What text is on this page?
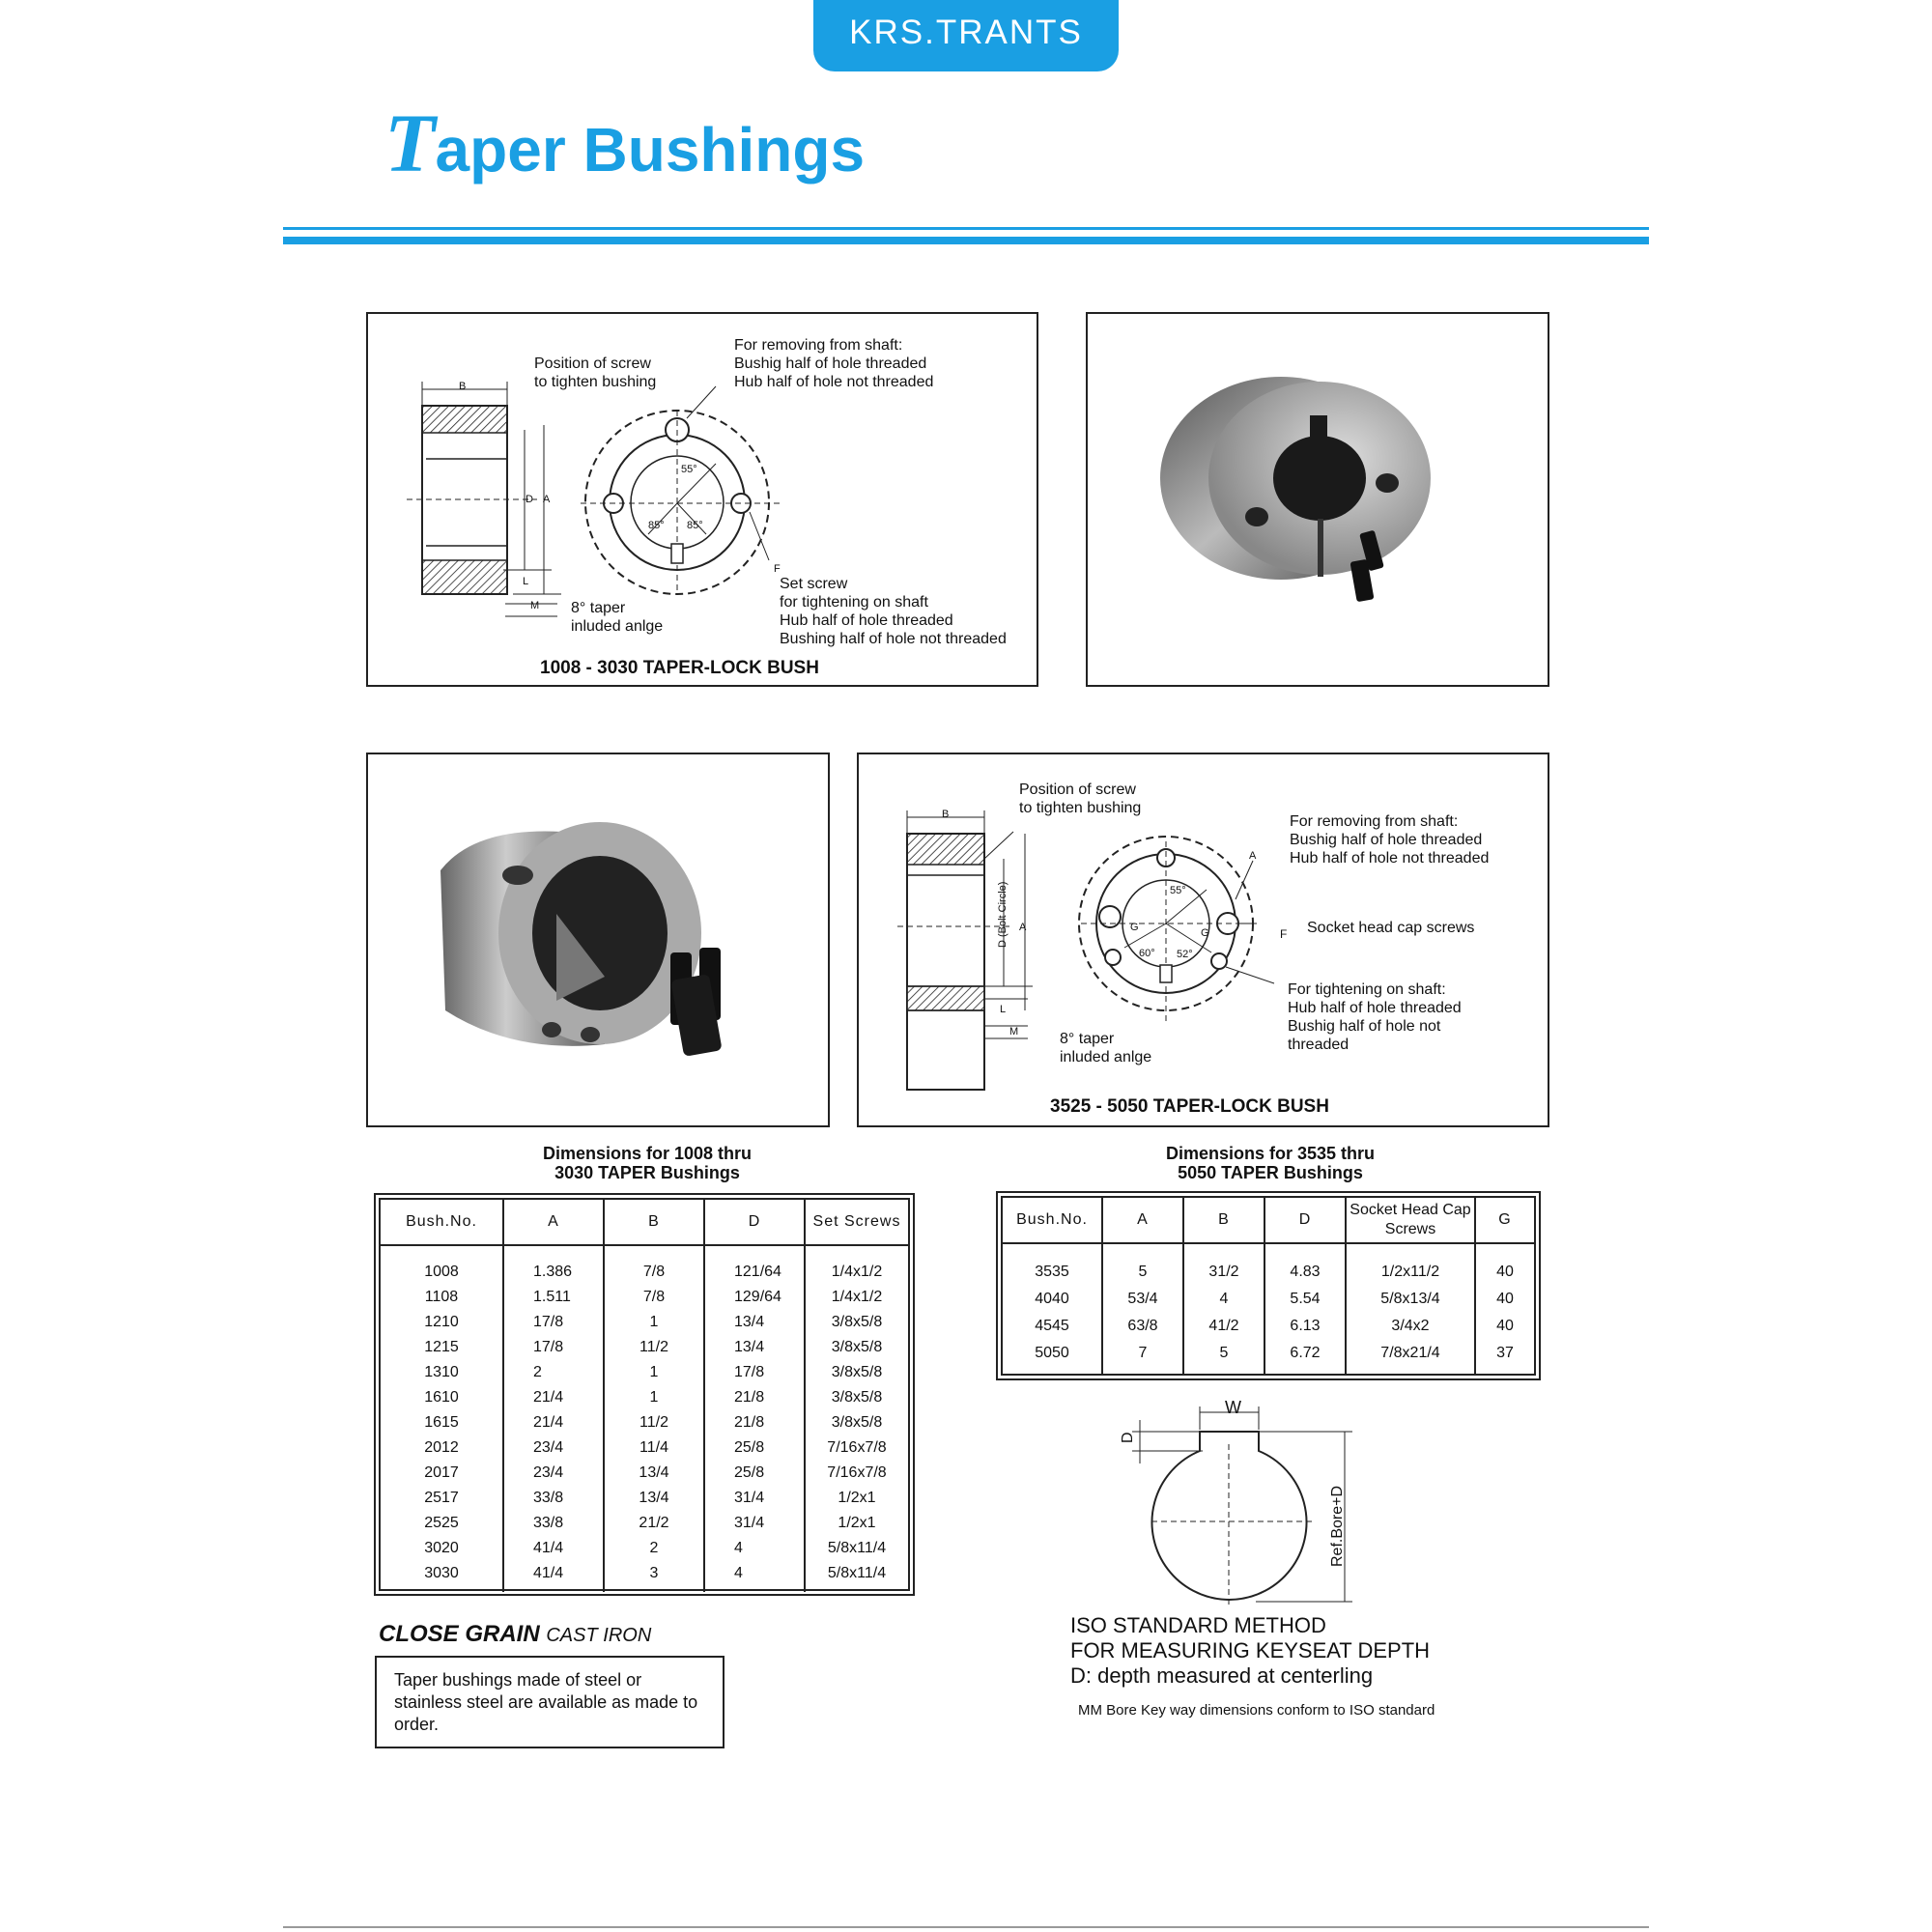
KRS.TRANTS
Taper Bushings
B
D A
L
M
F
55°
85° 85°
Position of screw
to tighten bushing
For removing from shaft:
Bushig half of hole threaded
Hub half of hole not threaded
Set screw
for tightening on shaft
Hub half of hole threaded
Bushing half of hole not threaded
8° taper
inluded anlge
1008 - 3030 TAPER-LOCK BUSH
B
D (Bolt Circle)	A
L
M
F
A
G	G
55°
60° 52°
Position of screw
to tighten bushing
For removing from shaft:
Bushig half of hole threaded
Hub half of hole not threaded
Socket head cap screws
For tightening on shaft:
Hub half of hole threaded
Bushig half of hole not
threaded
8° taper
inluded anlge
3525 - 5050 TAPER-LOCK BUSH
Dimensions for 1008 thru
3030 TAPER Bushings
Bush.No.	A	B	D	Set Screws
1008	1.386	7/8	121/64	1/4x1/2
1108	1.511	7/8	129/64	1/4x1/2
1210	17/8	1	13/4	3/8x5/8
1215	17/8	11/2	13/4	3/8x5/8
1310	2	1	17/8	3/8x5/8
1610	21/4	1	21/8	3/8x5/8
1615	21/4	11/2	21/8	3/8x5/8
2012	23/4	11/4	25/8	7/16x7/8
2017	23/4	13/4	25/8	7/16x7/8
2517	33/8	13/4	31/4	1/2x1
2525	33/8	21/2	31/4	1/2x1
3020	41/4	2	4	5/8x11/4
3030	41/4	3	4	5/8x11/4

Dimensions for 3535 thru
5050 TAPER Bushings
Bush.No.	A	B	D	Socket Head Cap Screws	G
3535	5	31/2	4.83	1/2x11/2	40
4040	53/4	4	5.54	5/8x13/4	40
4545	63/8	41/2	6.13	3/4x2	40
5050	7	5	6.72	7/8x21/4	37

CLOSE GRAIN CAST IRON
Taper bushings made of steel or stainless steel are available as made to order.
W
D
Ref.Bore+D
ISO STANDARD METHOD
FOR MEASURING KEYSEAT DEPTH
D: depth measured at centerling
MM Bore Key way dimensions conform to ISO standard
